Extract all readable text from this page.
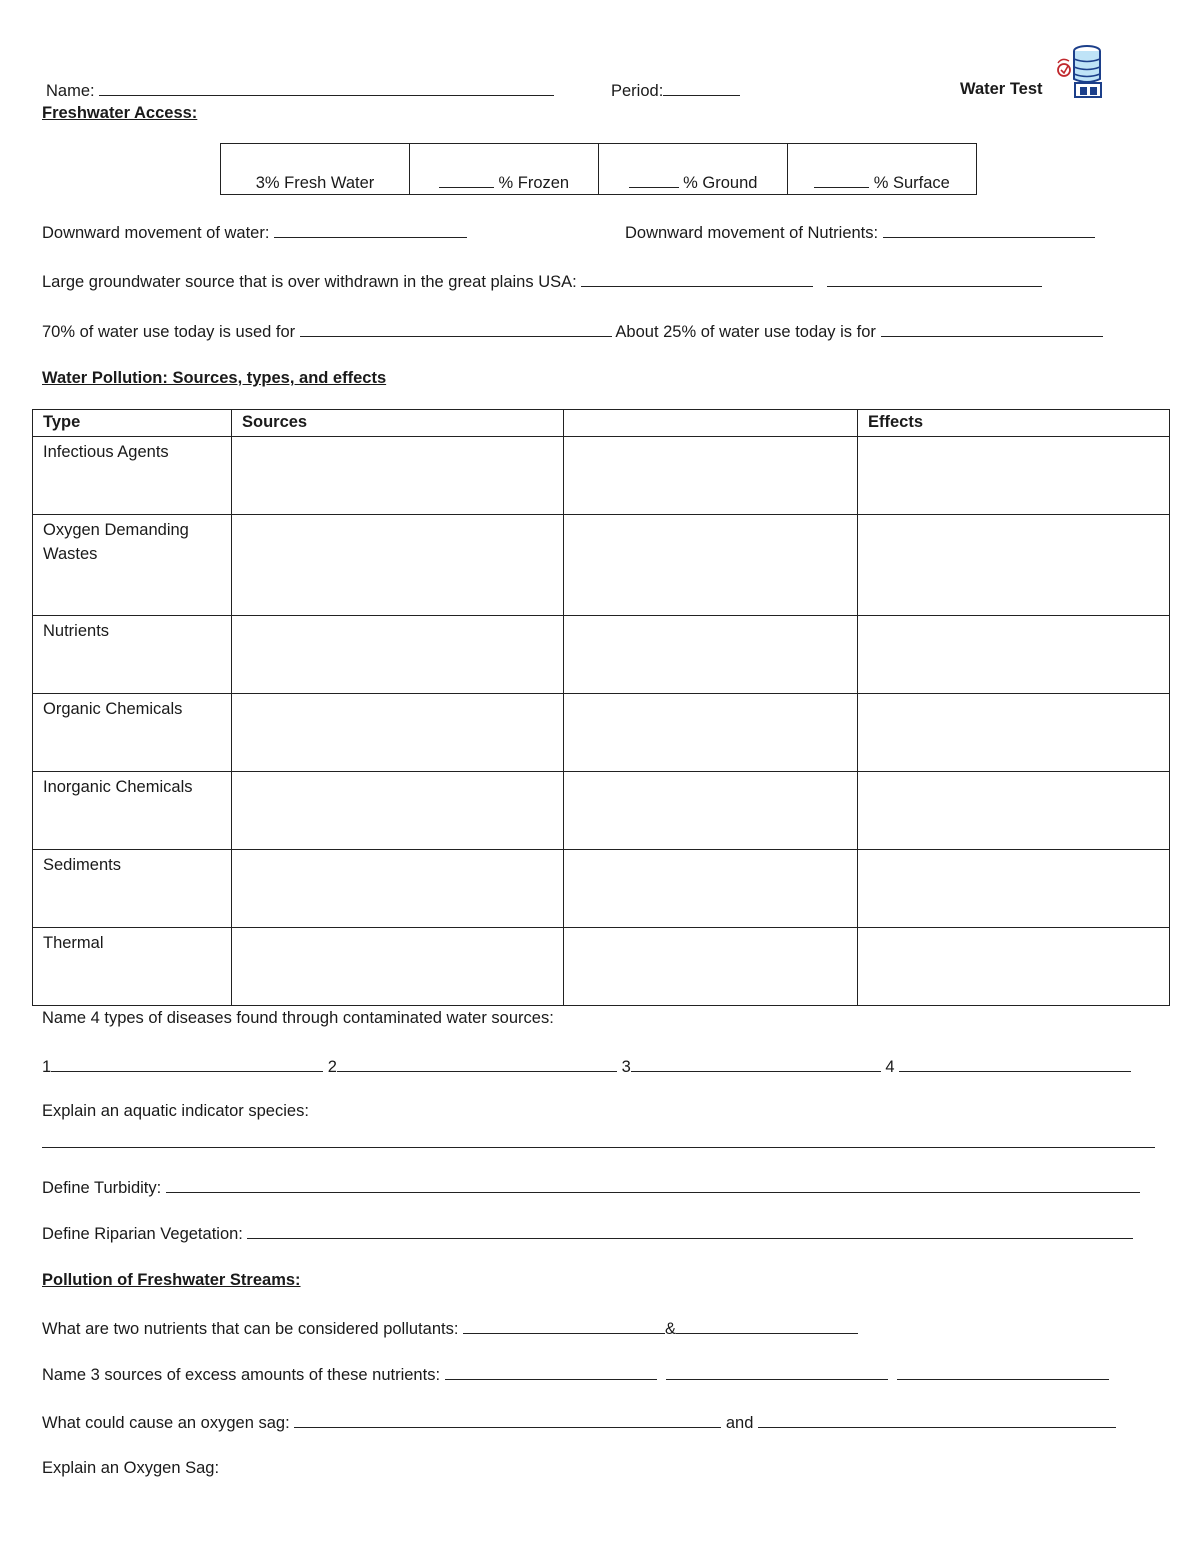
Name:	Period:	Water Test
Freshwater Access:
3% Fresh Water	% Frozen	% Ground	% Surface
Downward movement of water:	Downward movement of Nutrients:
Large groundwater source that is over withdrawn in the great plains USA:
70% of water use today is used for	About 25% of water use today is for
Water Pollution: Sources, types, and effects
Type	Sources		Effects
Infectious Agents			
Oxygen Demanding Wastes			
Nutrients			
Organic Chemicals			
Inorganic Chemicals			
Sediments			
Thermal			
Name 4 types of diseases found through contaminated water sources:
1	2	3	4
Explain an aquatic indicator species:
Define Turbidity:
Define Riparian Vegetation:
Pollution of Freshwater Streams:
What are two nutrients that can be considered pollutants:	&
Name 3 sources of excess amounts of these nutrients:
What could cause an oxygen sag:	and
Explain an Oxygen Sag:
